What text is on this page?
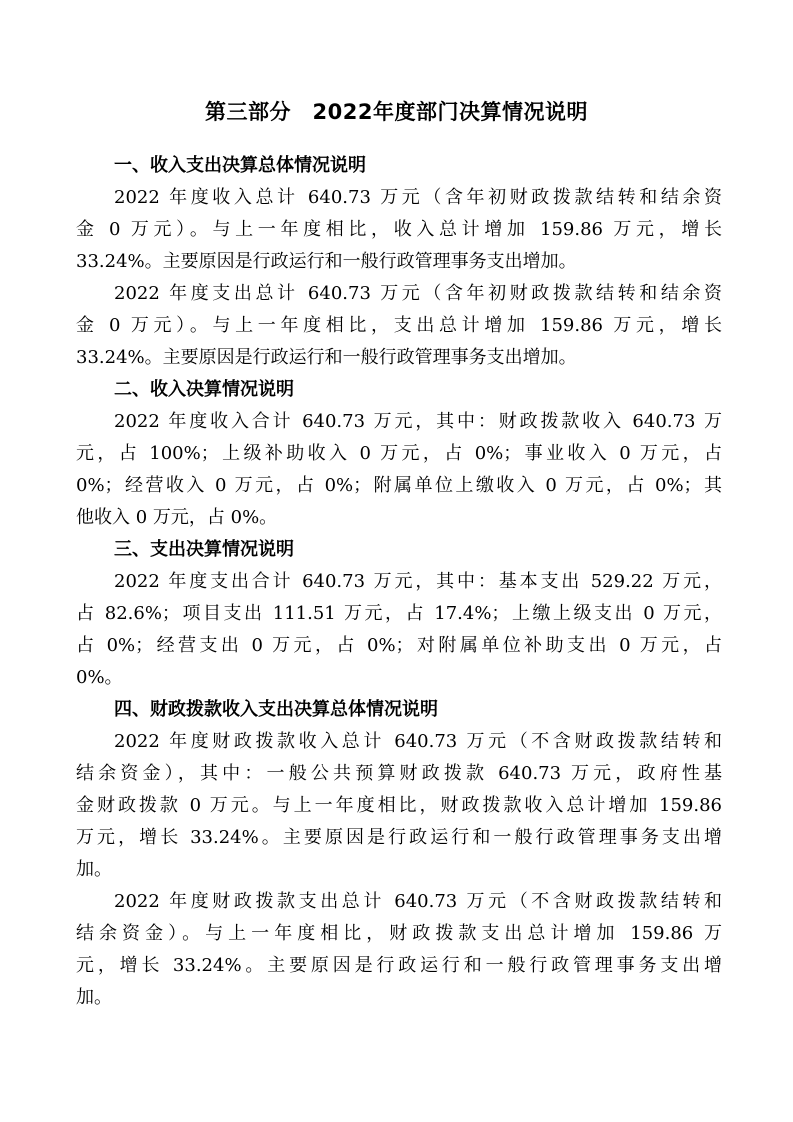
第三部分　2022年度部门决算情况说明
一、收入支出决算总体情况说明
2022 年度收入总计 640.73 万元（含年初财政拨款结转和结余资
金 0 万元）。与上一年度相比，收入总计增加 159.86 万元，增长
33.24%。主要原因是行政运行和一般行政管理事务支出增加。
2022 年度支出总计 640.73 万元（含年初财政拨款结转和结余资
金 0 万元）。与上一年度相比，支出总计增加 159.86 万元，增长
33.24%。主要原因是行政运行和一般行政管理事务支出增加。
二、收入决算情况说明
2022 年度收入合计 640.73 万元，其中：财政拨款收入 640.73 万
元，占 100%；上级补助收入 0 万元，占 0%；事业收入 0 万元，占
0%；经营收入 0 万元，占 0%；附属单位上缴收入 0 万元，占 0%；其
他收入 0 万元，占 0%。
三、支出决算情况说明
2022 年度支出合计 640.73 万元，其中：基本支出 529.22 万元，
占 82.6%；项目支出 111.51 万元，占 17.4%；上缴上级支出 0 万元，
占 0%；经营支出 0 万元，占 0%；对附属单位补助支出 0 万元，占
0%。
四、财政拨款收入支出决算总体情况说明
2022 年度财政拨款收入总计 640.73 万元（不含财政拨款结转和
结余资金），其中：一般公共预算财政拨款 640.73 万元，政府性基
金财政拨款 0 万元。与上一年度相比，财政拨款收入总计增加 159.86
万元，增长 33.24%。主要原因是行政运行和一般行政管理事务支出增
加。
2022 年度财政拨款支出总计 640.73 万元（不含财政拨款结转和
结余资金）。与上一年度相比，财政拨款支出总计增加 159.86 万
元，增长 33.24%。主要原因是行政运行和一般行政管理事务支出增
加。
